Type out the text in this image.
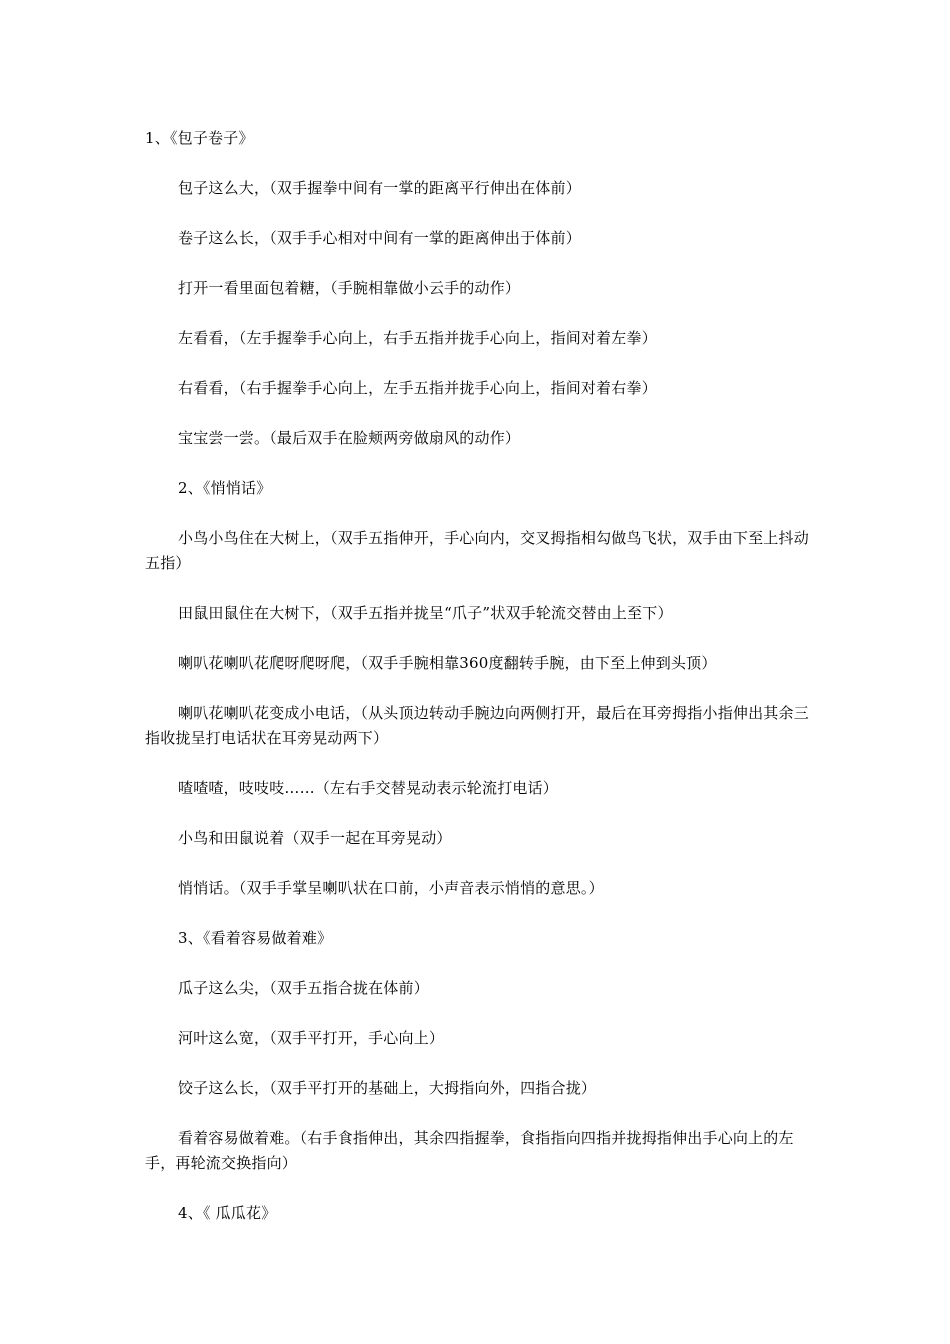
1、《包子卷子》

包子这么大，（双手握拳中间有一掌的距离平行伸出在体前）

卷子这么长，（双手手心相对中间有一掌的距离伸出于体前）

打开一看里面包着糖，（手腕相靠做小云手的动作）

左看看，（左手握拳手心向上，右手五指并拢手心向上，指间对着左拳）

右看看，（右手握拳手心向上，左手五指并拢手心向上，指间对着右拳）

宝宝尝一尝。（最后双手在脸颊两旁做扇风的动作）

2、《悄悄话》

小鸟小鸟住在大树上，（双手五指伸开，手心向内，交叉拇指相勾做鸟飞状，双手由下至上抖动五指）

田鼠田鼠住在大树下，（双手五指并拢呈“爪子”状双手轮流交替由上至下）

喇叭花喇叭花爬呀爬呀爬，（双手手腕相靠360度翻转手腕，由下至上伸到头顶）

喇叭花喇叭花变成小电话，（从头顶边转动手腕边向两侧打开，最后在耳旁拇指小指伸出其余三指收拢呈打电话状在耳旁晃动两下）

喳喳喳，吱吱吱……（左右手交替晃动表示轮流打电话）

小鸟和田鼠说着（双手一起在耳旁晃动）

悄悄话。（双手手掌呈喇叭状在口前，小声音表示悄悄的意思。）

3、《看着容易做着难》

瓜子这么尖，（双手五指合拢在体前）

河叶这么宽，（双手平打开，手心向上）

饺子这么长，（双手平打开的基础上，大拇指向外，四指合拢）

看着容易做着难。（右手食指伸出，其余四指握拳，食指指向四指并拢拇指伸出手心向上的左手，再轮流交换指向）

4、《 瓜瓜花》
